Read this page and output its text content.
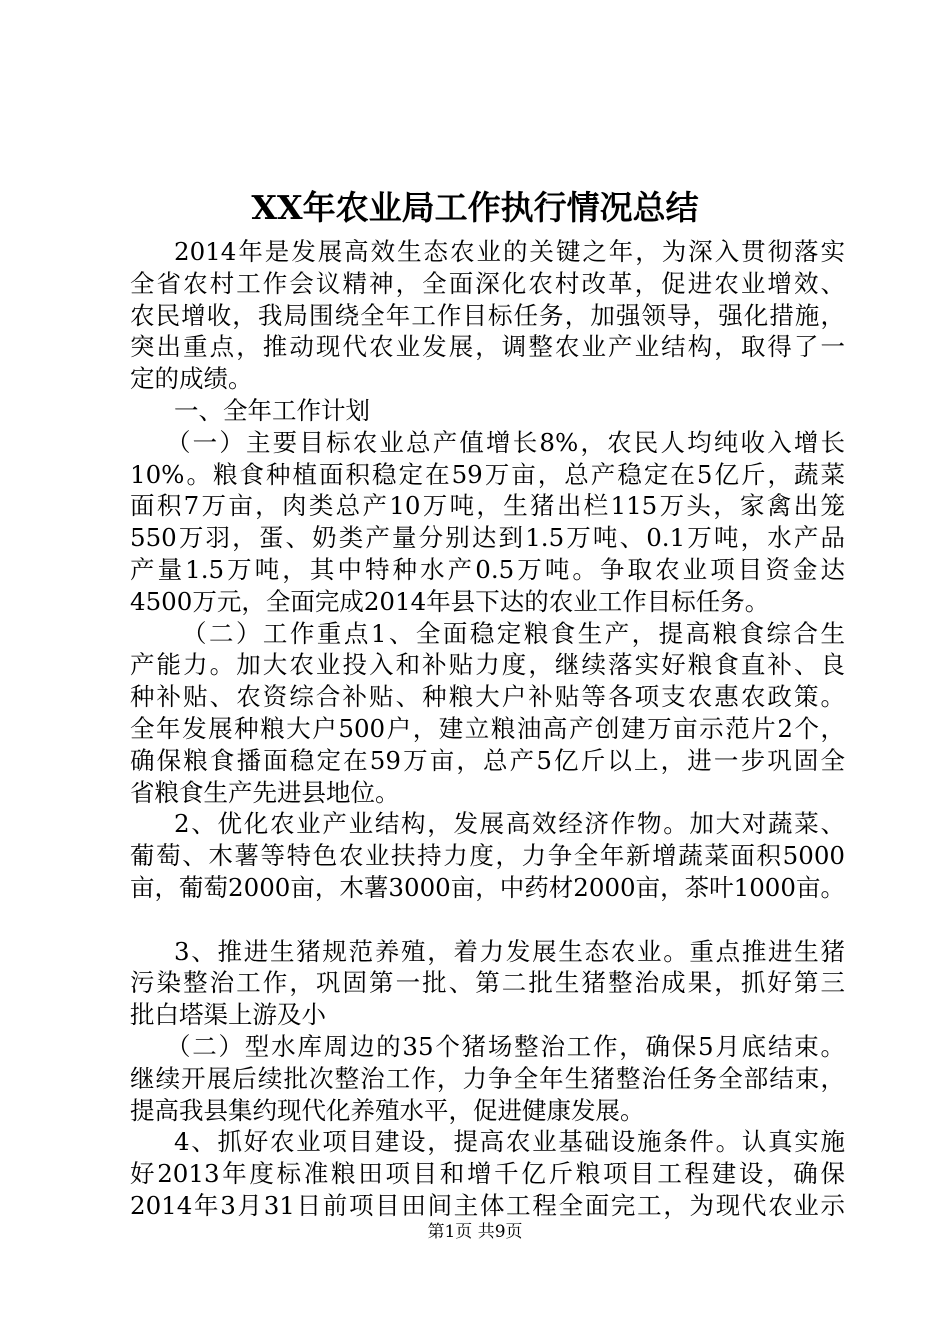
XX年农业局工作执行情况总结
2014年是发展高效生态农业的关键之年，为深入贯彻落实
全省农村工作会议精神，全面深化农村改革，促进农业增效、
农民增收，我局围绕全年工作目标任务，加强领导，强化措施，
突出重点，推动现代农业发展，调整农业产业结构，取得了一
定的成绩。
一、全年工作计划
（一）主要目标农业总产值增长8%，农民人均纯收入增长
10%。粮食种植面积稳定在59万亩，总产稳定在5亿斤，蔬菜
面积7万亩，肉类总产10万吨，生猪出栏115万头，家禽出笼
550万羽，蛋、奶类产量分别达到1.5万吨、0.1万吨，水产品
产量1.5万吨，其中特种水产0.5万吨。争取农业项目资金达
4500万元，全面完成2014年县下达的农业工作目标任务。
（二）工作重点1、全面稳定粮食生产，提高粮食综合生
产能力。加大农业投入和补贴力度，继续落实好粮食直补、良
种补贴、农资综合补贴、种粮大户补贴等各项支农惠农政策。
全年发展种粮大户500户，建立粮油高产创建万亩示范片2个，
确保粮食播面稳定在59万亩，总产5亿斤以上，进一步巩固全
省粮食生产先进县地位。
2、优化农业产业结构，发展高效经济作物。加大对蔬菜、
葡萄、木薯等特色农业扶持力度，力争全年新增蔬菜面积5000
亩，葡萄2000亩，木薯3000亩，中药材2000亩，茶叶1000亩。
3、推进生猪规范养殖，着力发展生态农业。重点推进生猪
污染整治工作，巩固第一批、第二批生猪整治成果，抓好第三
批白塔渠上游及小
（二）型水库周边的35个猪场整治工作，确保5月底结束。
继续开展后续批次整治工作，力争全年生猪整治任务全部结束，
提高我县集约现代化养殖水平，促进健康发展。
4、抓好农业项目建设，提高农业基础设施条件。认真实施
好2013年度标准粮田项目和增千亿斤粮项目工程建设，确保
2014年3月31日前项目田间主体工程全面完工，为现代农业示
第1页 共9页
